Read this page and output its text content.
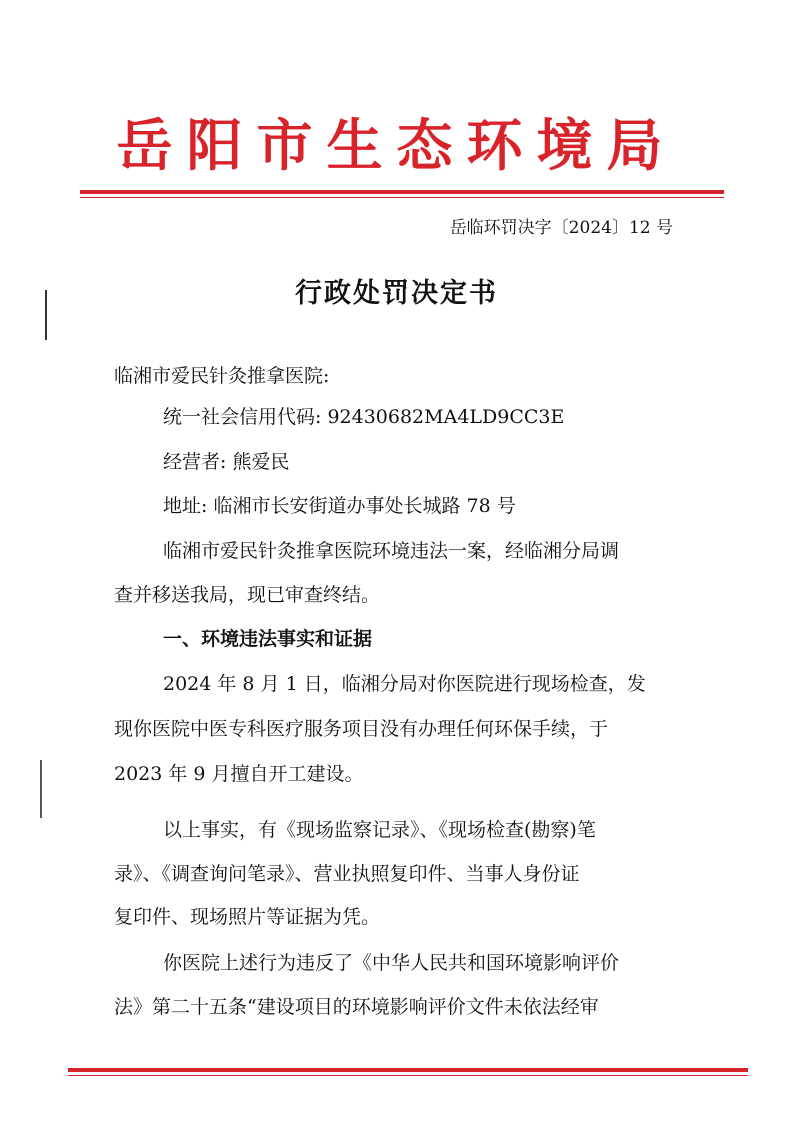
岳阳市生态环境局
岳临环罚决字〔2024〕12 号
行政处罚决定书
临湘市爱民针灸推拿医院:
统一社会信用代码: 92430682MA4LD9CC3E
经营者: 熊爱民
地址: 临湘市长安街道办事处长城路 78 号
临湘市爱民针灸推拿医院环境违法一案，经临湘分局调
查并移送我局，现已审查终结。
一、环境违法事实和证据
2024 年 8 月 1 日，临湘分局对你医院进行现场检查，发
现你医院中医专科医疗服务项目没有办理任何环保手续，于
2023 年 9 月擅自开工建设。
以上事实，有《现场监察记录》、《现场检查(勘察)笔
录》、《调查询问笔录》、营业执照复印件、当事人身份证
复印件、现场照片等证据为凭。
你医院上述行为违反了《中华人民共和国环境影响评价
法》第二十五条“建设项目的环境影响评价文件未依法经审
